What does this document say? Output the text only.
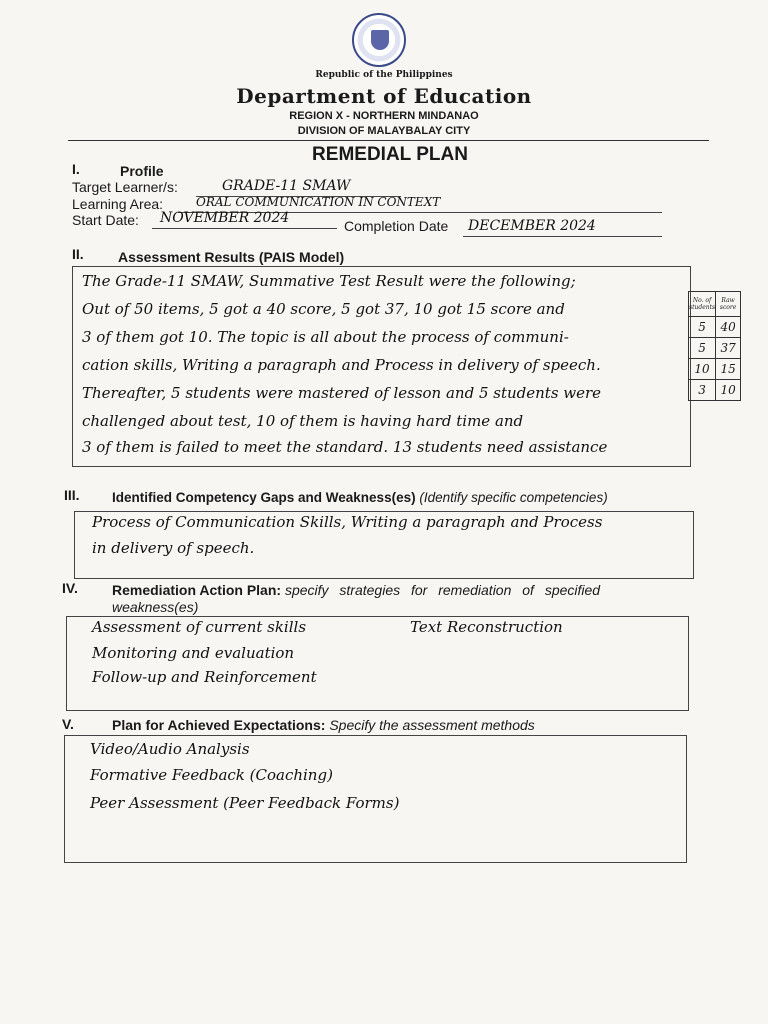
Republic of the Philippines
Department of Education
REGION X - NORTHERN MINDANAO
DIVISION OF MALAYBALAY CITY
REMEDIAL PLAN
I.	Profile
Target Learner/s:	GRADE-11 SMAW
Learning Area:	ORAL COMMUNICATION IN CONTEXT
Start Date: NOVEMBER 2024	Completion Date DECEMBER 2024
II. Assessment Results (PAIS Model)
The Grade-11 SMAW, Summative Test Result were the following;
Out of 50 items, 5 got a 40 score, 5 got 37, 10 got 15 score and
3 of them got 10. The topic is all about the process of communi-
cation skills, Writing a paragraph and Process in delivery of speech.
Thereafter, 5 students were mastered of lesson and 5 students were
challenged about test, 10 of them is having hard time and
3 of them is failed to meet the standard. 13 students need assistance
No. of students	Raw score
5	40
5	37
10	15
3	10
III. Identified Competency Gaps and Weakness(es) (Identify specific competencies)
Process of Communication Skills, Writing a paragraph and Process
in delivery of speech.
IV. Remediation Action Plan: specify strategies for remediation of specified
weakness(es)
Assessment of current skills
Monitoring and evaluation
Follow-up and Reinforcement
Text Reconstruction
V.	Plan for Achieved Expectations: Specify the assessment methods
Video/Audio Analysis
Formative Feedback (Coaching)
Peer Assessment (Peer Feedback Forms)
